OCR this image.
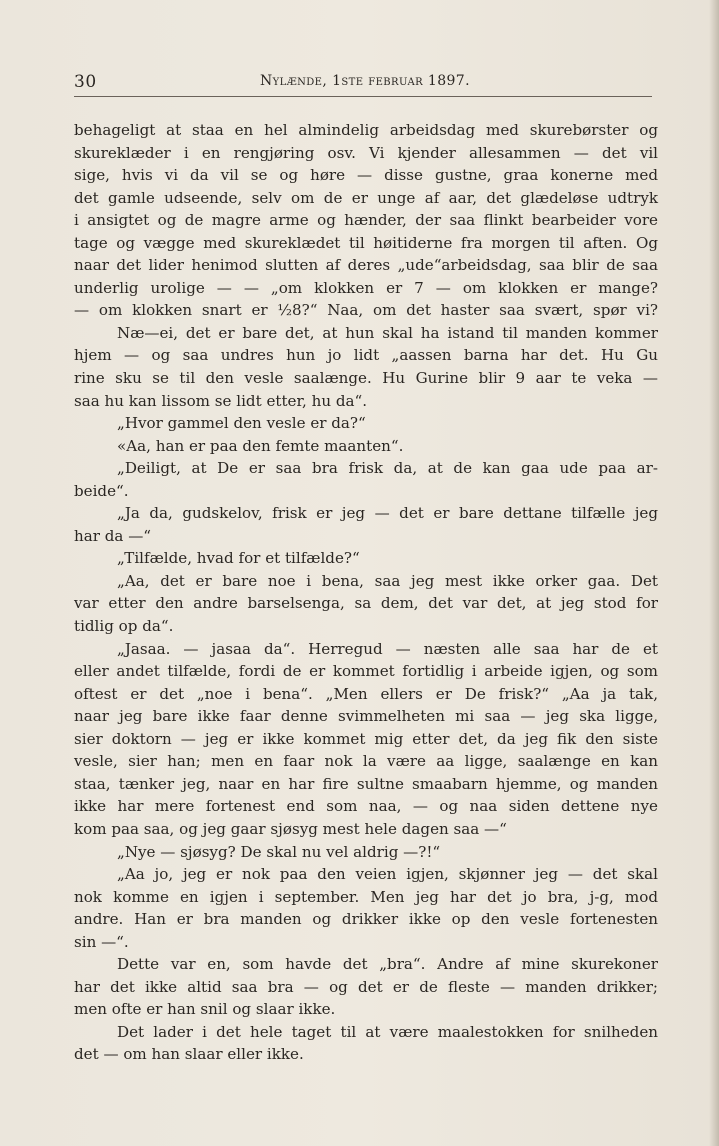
30	Nylænde, 1ste februar 1897.
behageligt at staa en hel almindelig arbeidsdag med skurebørster og
skureklæder i en rengjøring osv. Vi kjender allesammen — det vil
sige, hvis vi da vil se og høre — disse gustne, graa konerne med
det gamle udseende, selv om de er unge af aar, det glædeløse udtryk
i ansigtet og de magre arme og hænder, der saa flinkt bearbeider vore
tage og vægge med skureklædet til høitiderne fra morgen til aften. Og
naar det lider henimod slutten af deres „ude“arbeidsdag, saa blir de saa
underlig urolige — — „om klokken er 7 — om klokken er mange?
— om klokken snart er ½8?“ Naa, om det haster saa svært, spør vi?
Næ—ei, det er bare det, at hun skal ha istand til manden kommer
hjem — og saa undres hun jo lidt „aassen barna har det. Hu Gu
rine sku se til den vesle saalænge. Hu Gurine blir 9 aar te veka —
saa hu kan lissom se lidt etter, hu da“.
„Hvor gammel den vesle er da?“
«Aa, han er paa den femte maanten“.
„Deiligt, at De er saa bra frisk da, at de kan gaa ude paa ar-
beide“.
„Ja da, gudskelov, frisk er jeg — det er bare dettane tilfælle jeg
har da —“
„Tilfælde, hvad for et tilfælde?“
„Aa, det er bare noe i bena, saa jeg mest ikke orker gaa. Det
var etter den andre barselsenga, sa dem, det var det, at jeg stod for
tidlig op da“.
„Jasaa. — jasaa da“. Herregud — næsten alle saa har de et
eller andet tilfælde, fordi de er kommet fortidlig i arbeide igjen, og som
oftest er det „noe i bena“. „Men ellers er De frisk?“ „Aa ja tak,
naar jeg bare ikke faar denne svimmelheten mi saa — jeg ska ligge,
sier doktorn — jeg er ikke kommet mig etter det, da jeg fik den siste
vesle, sier han; men en faar nok la være aa ligge, saalænge en kan
staa, tænker jeg, naar en har fire sultne smaabarn hjemme, og manden
ikke har mere fortenest end som naa, — og naa siden dettene nye
kom paa saa, og jeg gaar sjøsyg mest hele dagen saa —“
„Nye — sjøsyg? De skal nu vel aldrig —?!“
„Aa jo, jeg er nok paa den veien igjen, skjønner jeg — det skal
nok komme en igjen i september. Men jeg har det jo bra, j-g, mod
andre. Han er bra manden og drikker ikke op den vesle fortenesten
sin —“.
Dette var en, som havde det „bra“. Andre af mine skurekoner
har det ikke altid saa bra — og det er de fleste — manden drikker;
men ofte er han snil og slaar ikke.
Det lader i det hele taget til at være maalestokken for snilheden
det — om han slaar eller ikke.
